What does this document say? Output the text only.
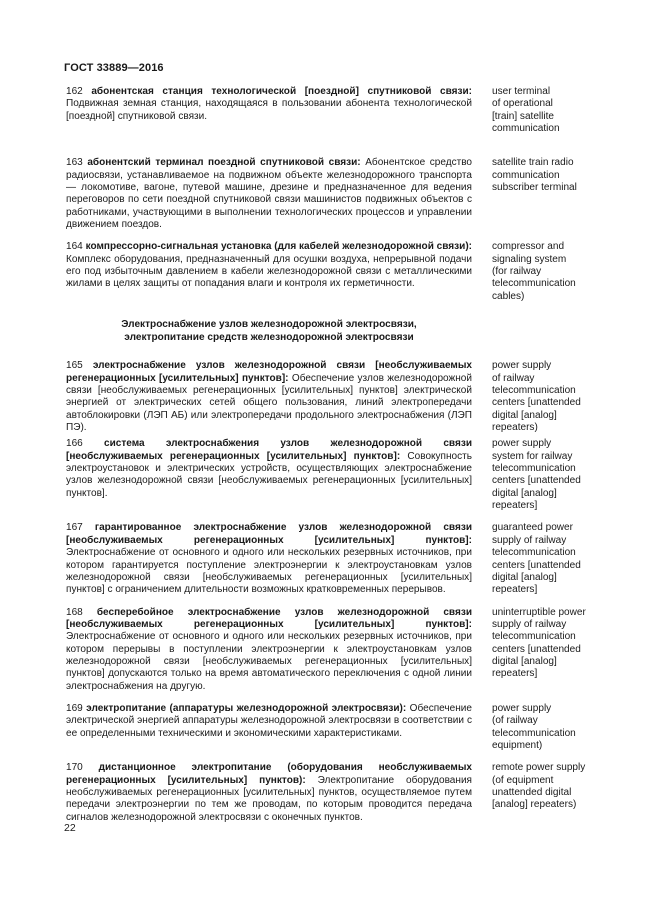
ГОСТ 33889—2016
162 абонентская станция технологической [поездной] спутниковой связи: Подвижная земная станция, находящаяся в пользовании абонента технологической [поездной] спутниковой связи.
user terminal
of operational
[train] satellite
communication
163 абонентский терминал поездной спутниковой связи: Абонентское средство радиосвязи, устанавливаемое на подвижном объекте железнодорожного транспорта — локомотиве, вагоне, путевой машине, дрезине и предназначенное для ведения переговоров по сети поездной спутниковой связи машинистов подвижных объектов с работниками, участвующими в выполнении технологических процессов и управлении движением поездов.
satellite train radio
communication
subscriber terminal
164 компрессорно-сигнальная установка (для кабелей железнодорожной связи): Комплекс оборудования, предназначенный для осушки воздуха, непрерывной подачи его под избыточным давлением в кабели железнодорожной связи с металлическими жилами в целях защиты от попадания влаги и контроля их герметичности.
compressor and
signaling system
(for railway
telecommunication
cables)
Электроснабжение узлов железнодорожной электросвязи,
электропитание средств железнодорожной электросвязи
165 электроснабжение узлов железнодорожной связи [необслуживаемых регенерационных [усилительных] пунктов]: Обеспечение узлов железнодорожной связи [необслуживаемых регенерационных [усилительных] пунктов] электрической энергией от электрических сетей общего пользования, линий электропередачи автоблокировки (ЛЭП АБ) или электропередачи продольного электроснабжения (ЛЭП ПЭ).
power supply
of railway
telecommunication
centers [unattended
digital [analog]
repeaters)
166 система электроснабжения узлов железнодорожной связи [необслуживаемых регенерационных [усилительных] пунктов]: Совокупность электроустановок и электрических устройств, осуществляющих электроснабжение узлов железнодорожной связи [необслуживаемых регенерационных [усилительных] пунктов].
power supply
system for railway
telecommunication
centers [unattended
digital [analog]
repeaters]
167 гарантированное электроснабжение узлов железнодорожной связи [необслуживаемых регенерационных [усилительных] пунктов]: Электроснабжение от основного и одного или нескольких резервных источников, при котором гарантируется поступление электроэнергии к электроустановкам узлов железнодорожной связи [необслуживаемых регенерационных [усилительных] пунктов] с ограничением длительности возможных кратковременных перерывов.
guaranteed power
supply of railway
telecommunication
centers [unattended
digital [analog]
repeaters]
168 бесперебойное электроснабжение узлов железнодорожной связи [необслуживаемых регенерационных [усилительных] пунктов]: Электроснабжение от основного и одного или нескольких резервных источников, при котором перерывы в поступлении электроэнергии к электроустановкам узлов железнодорожной связи [необслуживаемых регенерационных [усилительных] пунктов] допускаются только на время автоматического переключения с одной линии электроснабжения на другую.
uninterruptible power
supply of railway
telecommunication
centers [unattended
digital [analog]
repeaters]
169 электропитание (аппаратуры железнодорожной электросвязи): Обеспечение электрической энергией аппаратуры железнодорожной электросвязи в соответствии с ее определенными техническими и экономическими характеристиками.
power supply
(of railway
telecommunication
equipment)
170 дистанционное электропитание (оборудования необслуживаемых регенерационных [усилительных] пунктов): Электропитание оборудования необслуживаемых регенерационных [усилительных] пунктов, осуществляемое путем передачи электроэнергии по тем же проводам, по которым проводится передача сигналов железнодорожной электросвязи с оконечных пунктов.
remote power supply
(of equipment
unattended digital
[analog] repeaters)
22
